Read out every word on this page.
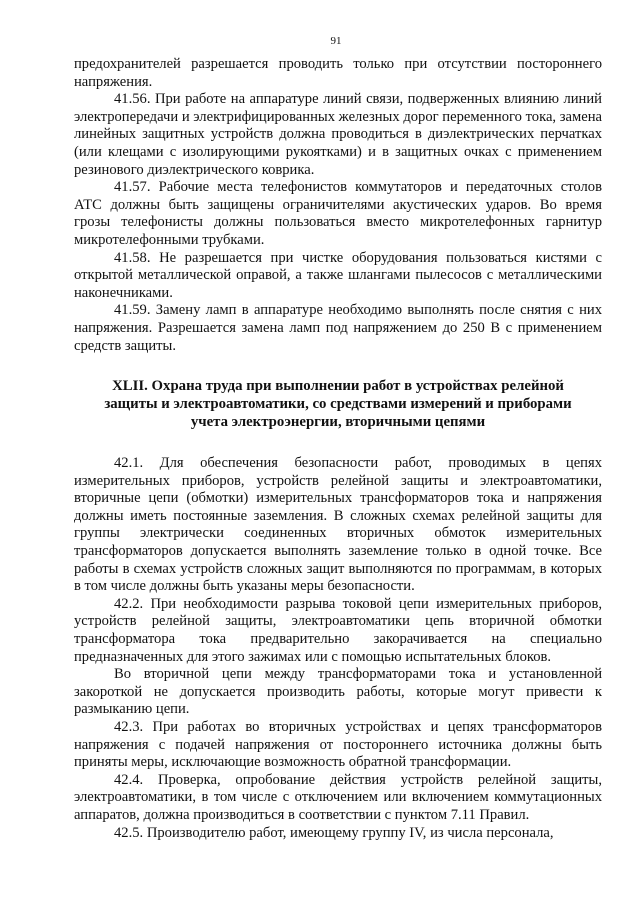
91

предохранителей разрешается проводить только при отсутствии постороннего напряжения.

41.56. При работе на аппаратуре линий связи, подверженных влиянию линий электропередачи и электрифицированных железных дорог переменного тока, замена линейных защитных устройств должна проводиться в диэлектрических перчатках (или клещами с изолирующими рукоятками) и в защитных очках с применением резинового диэлектрического коврика.

41.57. Рабочие места телефонистов коммутаторов и передаточных столов АТС должны быть защищены ограничителями акустических ударов. Во время грозы телефонисты должны пользоваться вместо микротелефонных гарнитур микротелефонными трубками.

41.58. Не разрешается при чистке оборудования пользоваться кистями с открытой металлической оправой, а также шлангами пылесосов с металлическими наконечниками.

41.59. Замену ламп в аппаратуре необходимо выполнять после снятия с них напряжения. Разрешается замена ламп под напряжением до 250 В с применением средств защиты.

XLII. Охрана труда при выполнении работ в устройствах релейной
защиты и электроавтоматики, со средствами измерений и приборами
учета электроэнергии, вторичными цепями

42.1. Для обеспечения безопасности работ, проводимых в цепях измерительных приборов, устройств релейной защиты и электроавтоматики, вторичные цепи (обмотки) измерительных трансформаторов тока и напряжения должны иметь постоянные заземления. В сложных схемах релейной защиты для группы электрически соединенных вторичных обмоток измерительных трансформаторов допускается выполнять заземление только в одной точке. Все работы в схемах устройств сложных защит выполняются по программам, в которых в том числе должны быть указаны меры безопасности.

42.2. При необходимости разрыва токовой цепи измерительных приборов, устройств релейной защиты, электроавтоматики цепь вторичной обмотки трансформатора тока предварительно закорачивается на специально предназначенных для этого зажимах или с помощью испытательных блоков.

Во вторичной цепи между трансформаторами тока и установленной закороткой не допускается производить работы, которые могут привести к размыканию цепи.

42.3. При работах во вторичных устройствах и цепях трансформаторов напряжения с подачей напряжения от постороннего источника должны быть приняты меры, исключающие возможность обратной трансформации.

42.4. Проверка, опробование действия устройств релейной защиты, электроавтоматики, в том числе с отключением или включением коммутационных аппаратов, должна производиться в соответствии с пунктом 7.11 Правил.

42.5. Производителю работ, имеющему группу IV, из числа персонала,
